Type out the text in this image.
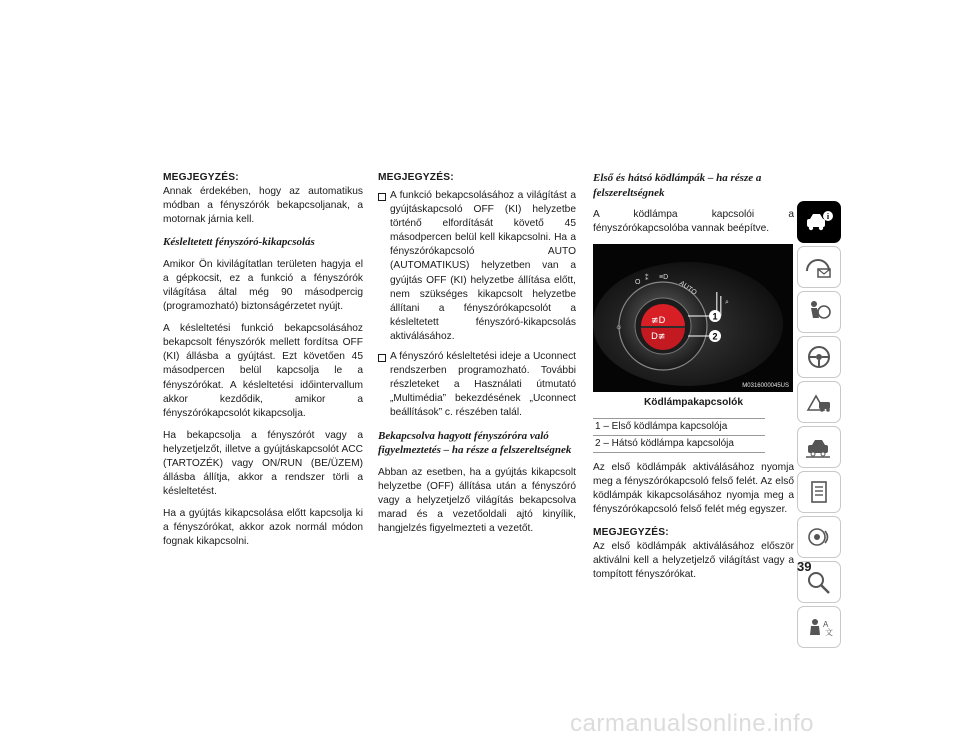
MEGJEGYZÉS:

Annak érdekében, hogy az automatikus módban a fényszórók bekapcsoljanak, a motornak járnia kell.

Késleltetett fényszóró-kikapcsolás

Amikor Ön kivilágítatlan területen hagyja el a gépkocsit, ez a funkció a fényszórók világítása által még 90 másodpercig (programozható) biztonságérzetet nyújt.

A késleltetési funkció bekapcsolásához bekapcsolt fényszórók mellett fordítsa OFF (KI) állásba a gyújtást. Ezt követően 45 másodpercen belül kapcsolja le a fényszórókat. A késleltetési időintervallum akkor kezdődik, amikor a fényszórókapcsolót kikapcsolja.

Ha bekapcsolja a fényszórót vagy a helyzetjelzőt, illetve a gyújtáskapcsolót ACC (TARTOZÉK) vagy ON/RUN (BE/ÜZEM) állásba állítja, akkor a rendszer törli a késleltetést.

Ha a gyújtás kikapcsolása előtt kapcsolja ki a fényszórókat, akkor azok normál módon fognak kikapcsolni.

MEGJEGYZÉS:
A funkció bekapcsolásához a világítást a gyújtáskapcsoló OFF (KI) helyzetbe történő elfordítását követő 45 másodpercen belül kell kikapcsolni. Ha a fényszórókapcsoló AUTO (AUTOMATIKUS) helyzetben van a gyújtás OFF (KI) helyzetbe állítása előtt, nem szükséges kikapcsolt helyzetbe állítani a fényszórókapcsolót a késleltetett fényszóró-kikapcsolás aktiválásához.
A fényszóró késleltetési ideje a Uconnect rendszerben programozható. További részleteket a Használati útmutató „Multimédia” bekezdésének „Uconnect beállítások” c. részében talál.
Bekapcsolva hagyott fényszóróra való figyelmeztetés – ha része a felszereltségnek

Abban az esetben, ha a gyújtás kikapcsolt helyzetbe (OFF) állítása után a fényszóró vagy a helyzetjelző világítás bekapcsolva marad és a vezetőoldali ajtó kinyílik, hangjelzés figyelmezteti a vezetőt.

Első és hátsó ködlámpák – ha része a felszereltségnek

A ködlámpa kapcsolói a fényszórókapcsolóba vannak beépítve.

≢D
D≢
O
⁑ ≡D
AUTO
☼
⌕
1
2
M0316000045US
Ködlámpakapcsolók
1 – Első ködlámpa kapcsolója
2 – Hátsó ködlámpa kapcsolója

Az első ködlámpák aktiválásához nyomja meg a fényszórókapcsoló felső felét. Az első ködlámpák kikapcsolásához nyomja meg a fényszórókapcsoló felső felét még egyszer.

MEGJEGYZÉS:

Az első ködlámpák aktiválásához először aktiválni kell a helyzetjelző világítást vagy a tompított fényszórókat.

i
A
文
39
carmanualsonline.info
